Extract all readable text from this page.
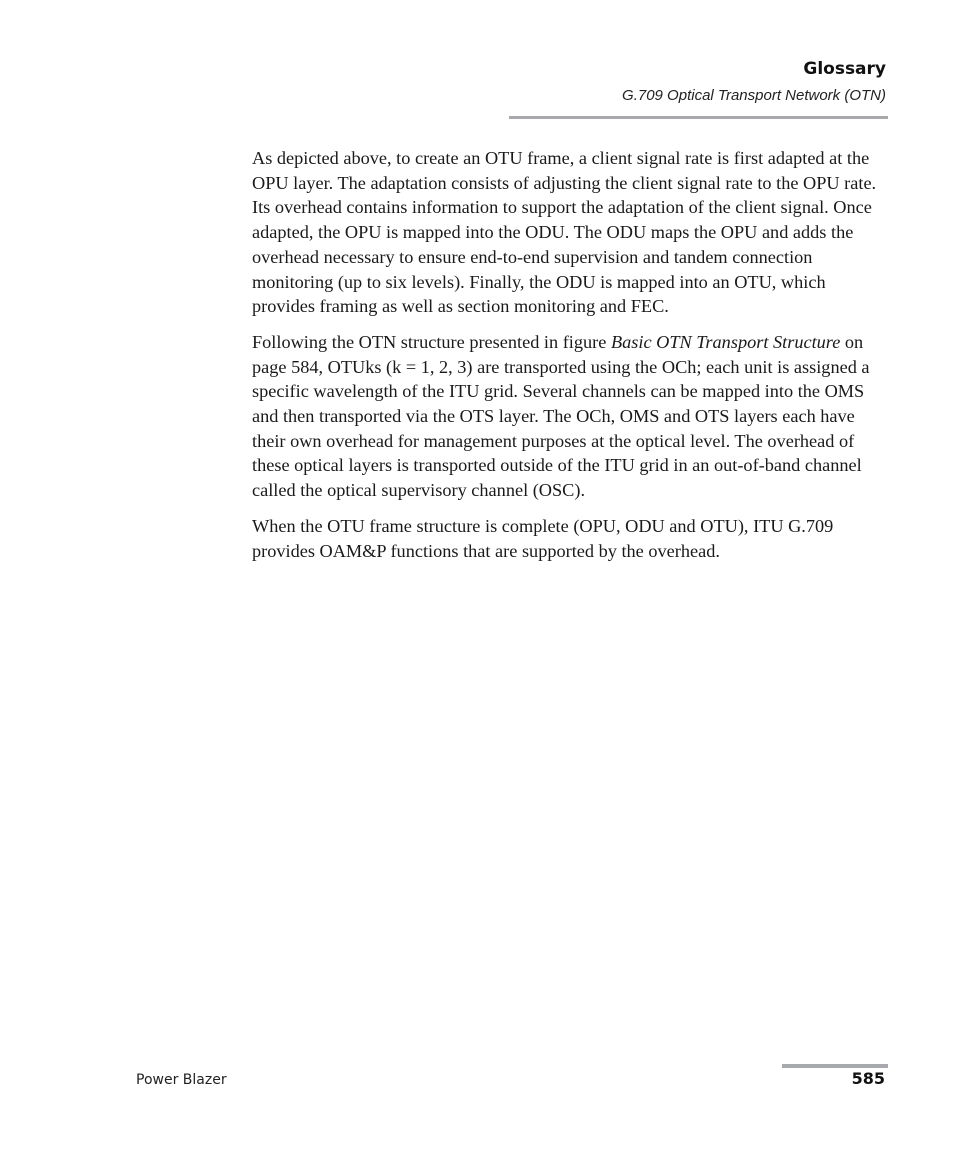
Glossary
G.709 Optical Transport Network (OTN)

As depicted above, to create an OTU frame, a client signal rate is first adapted at the OPU layer. The adaptation consists of adjusting the client signal rate to the OPU rate. Its overhead contains information to support the adaptation of the client signal. Once adapted, the OPU is mapped into the ODU. The ODU maps the OPU and adds the overhead necessary to ensure end-to-end supervision and tandem connection monitoring (up to six levels). Finally, the ODU is mapped into an OTU, which provides framing as well as section monitoring and FEC.

Following the OTN structure presented in figure Basic OTN Transport Structure on page 584, OTUks (k = 1, 2, 3) are transported using the OCh; each unit is assigned a specific wavelength of the ITU grid. Several channels can be mapped into the OMS and then transported via the OTS layer. The OCh, OMS and OTS layers each have their own overhead for management purposes at the optical level. The overhead of these optical layers is transported outside of the ITU grid in an out-of-band channel called the optical supervisory channel (OSC).

When the OTU frame structure is complete (OPU, ODU and OTU), ITU G.709 provides OAM&P functions that are supported by the overhead.

Power Blazer	585
